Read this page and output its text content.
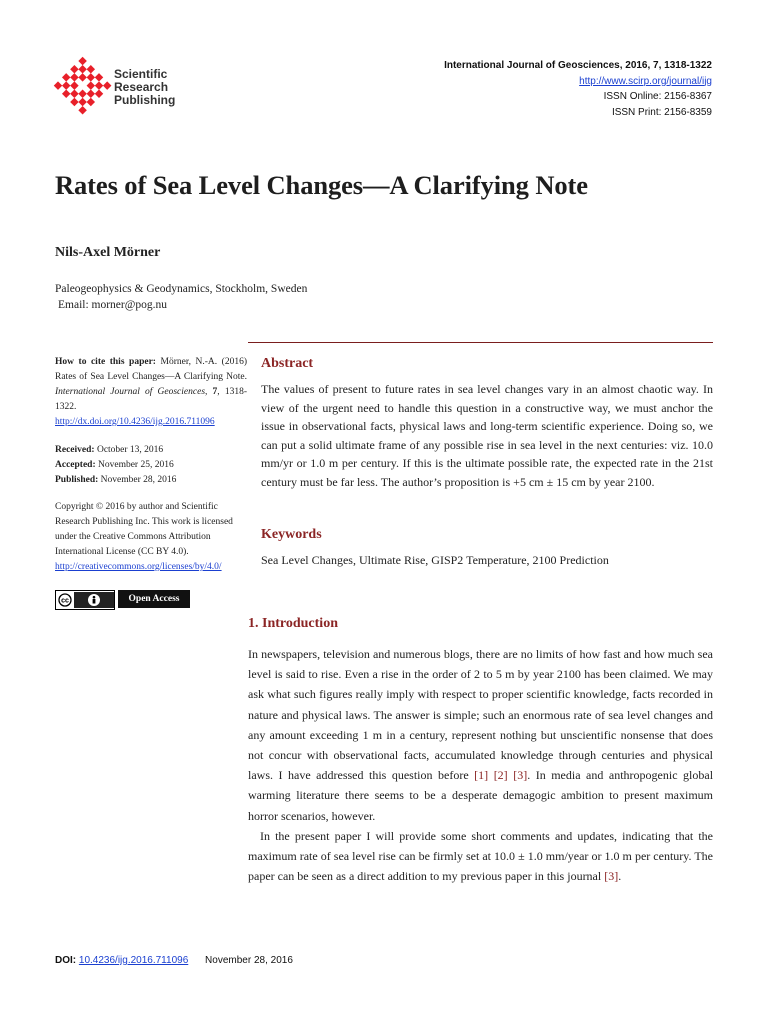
Scientific
Research
Publishing
International Journal of Geosciences, 2016, 7, 1318-1322
http://www.scirp.org/journal/ijg
ISSN Online: 2156-8367
ISSN Print: 2156-8359
Rates of Sea Level Changes—A Clarifying Note
Nils-Axel Mörner
Paleogeophysics & Geodynamics, Stockholm, Sweden
Email: morner@pog.nu
How to cite this paper: Mörner, N.-A. (2016) Rates of Sea Level Changes—A Clarifying Note. International Journal of Geosciences, 7, 1318-1322.
http://dx.doi.org/10.4236/ijg.2016.711096
Received: October 13, 2016
Accepted: November 25, 2016
Published: November 28, 2016
Copyright © 2016 by author and Scientific Research Publishing Inc. This work is licensed under the Creative Commons Attribution International License (CC BY 4.0).
http://creativecommons.org/licenses/by/4.0/
cc	Open Access
Abstract
The values of present to future rates in sea level changes vary in an almost chaotic way. In view of the urgent need to handle this question in a constructive way, we must anchor the issue in observational facts, physical laws and long-term scientific experience. Doing so, we can put a solid ultimate frame of any possible rise in sea level in the next centuries: viz. 10.0 mm/yr or 1.0 m per century. If this is the ultimate possible rate, the expected rate in the 21st century must be far less. The author’s proposition is +5 cm ± 15 cm by year 2100.
Keywords
Sea Level Changes, Ultimate Rise, GISP2 Temperature, 2100 Prediction
1. Introduction

In newspapers, television and numerous blogs, there are no limits of how fast and how much sea level is said to rise. Even a rise in the order of 2 to 5 m by year 2100 has been claimed. We may ask what such figures really imply with respect to proper scientific knowledge, facts recorded in nature and physical laws. The answer is simple; such an enormous rate of sea level changes and any amount exceeding 1 m in a century, represent nothing but unscientific nonsense that does not concur with observational facts, accumulated knowledge through centuries and physical laws. I have addressed this question before [1] [2] [3]. In media and anthropogenic global warming literature there seems to be a desperate demagogic ambition to present maximum horror scenarios, however.

In the present paper I will provide some short comments and updates, indicating that the maximum rate of sea level rise can be firmly set at 10.0 ± 1.0 mm/year or 1.0 m per century. The paper can be seen as a direct addition to my previous paper in this journal [3].

DOI: 10.4236/ijg.2016.711096 November 28, 2016
